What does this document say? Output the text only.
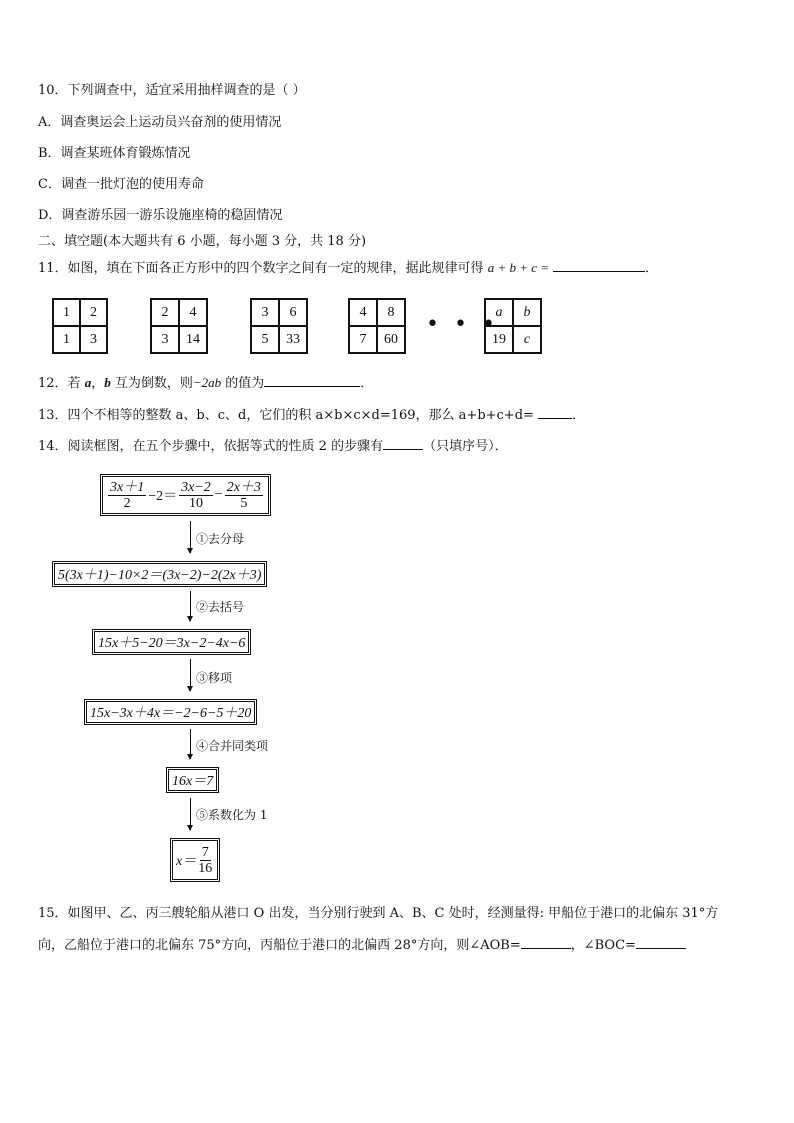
10．下列调查中，适宜采用抽样调查的是（ ）
A．调查奥运会上运动员兴奋剂的使用情况
B．调查某班体育锻炼情况
C．调查一批灯泡的使用寿命
D．调查游乐园一游乐设施座椅的稳固情况
二、填空题(本大题共有 6 小题，每小题 3 分，共 18 分)
11．如图，填在下面各正方形中的四个数字之间有一定的规律，据此规律可得 a + b + c =	．
1	2
1	3
2	4
3	14
3	6
5	33
4	8
7	60
• • •
a	b
19	c
12．若 a，b 互为倒数，则−2ab 的值为	．
13．四个不相等的整数 a、b、c、d，它们的积 a×b×c×d=169，那么 a+b+c+d=	．
14．阅读框图，在五个步骤中，依据等式的性质 2 的步骤有	（只填序号）．
$\frac{3x+1}{2} -2= \frac{3x-2}{10} - \frac{2x+3}{5}$
①去分母
5(3x＋1)−10×2＝(3x−2)−2(2x＋3)
②去括号
15x＋5−20＝3x−2−4x−6
③移项
15x−3x＋4x＝−2−6−5＋20
④合并同类项
16x＝7
⑤系数化为 1
$x= \frac{7}{16}$
15．如图甲、乙、丙三艘轮船从港口 O 出发，当分别行驶到 A、B、C 处时，经测量得: 甲船位于港口的北偏东 31°方
向，乙船位于港口的北偏东 75°方向，丙船位于港口的北偏西 28°方向，则∠AOB=	，∠BOC=
